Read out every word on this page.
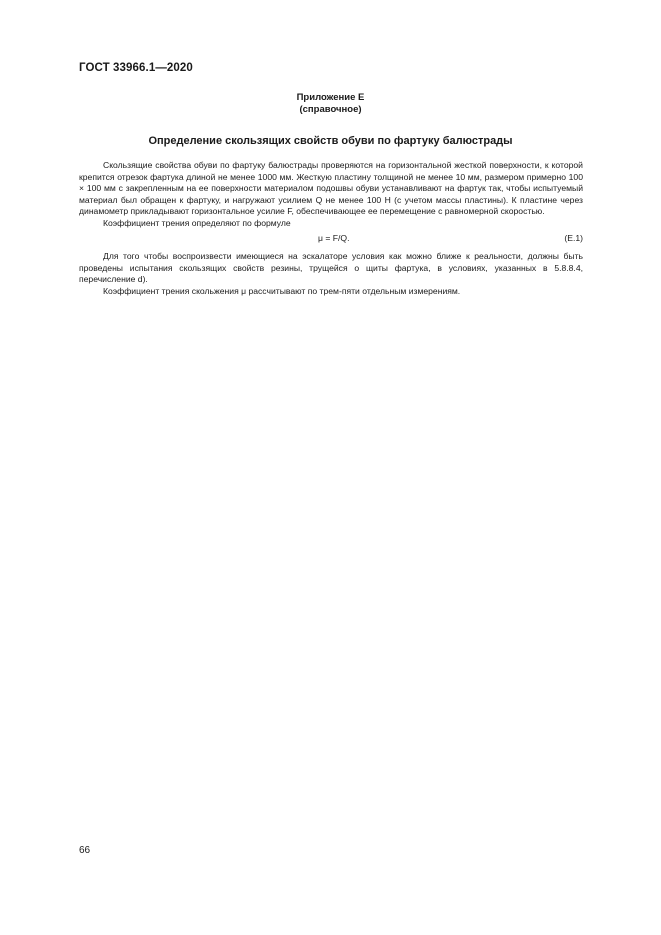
ГОСТ 33966.1—2020
Приложение Е
(справочное)
Определение скользящих свойств обуви по фартуку балюстрады

Скользящие свойства обуви по фартуку балюстрады проверяются на горизонтальной жесткой поверхности, к которой крепится отрезок фартука длиной не менее 1000 мм. Жесткую пластину толщиной не менее 10 мм, размером примерно 100 × 100 мм с закрепленным на ее поверхности материалом подошвы обуви устанавливают на фартук так, чтобы испытуемый материал был обращен к фартуку, и нагружают усилием Q не менее 100 Н (с учетом массы пластины). К пластине через динамометр прикладывают горизонтальное усилие F, обеспечивающее ее перемещение с равномерной скоростью.

Коэффициент трения определяют по формуле

μ = F/Q.	(Е.1)

Для того чтобы воспроизвести имеющиеся на эскалаторе условия как можно ближе к реальности, должны быть проведены испытания скользящих свойств резины, трущейся о щиты фартука, в условиях, указанных в 5.8.8.4, перечисление d).

Коэффициент трения скольжения μ рассчитывают по трем-пяти отдельным измерениям.

66
